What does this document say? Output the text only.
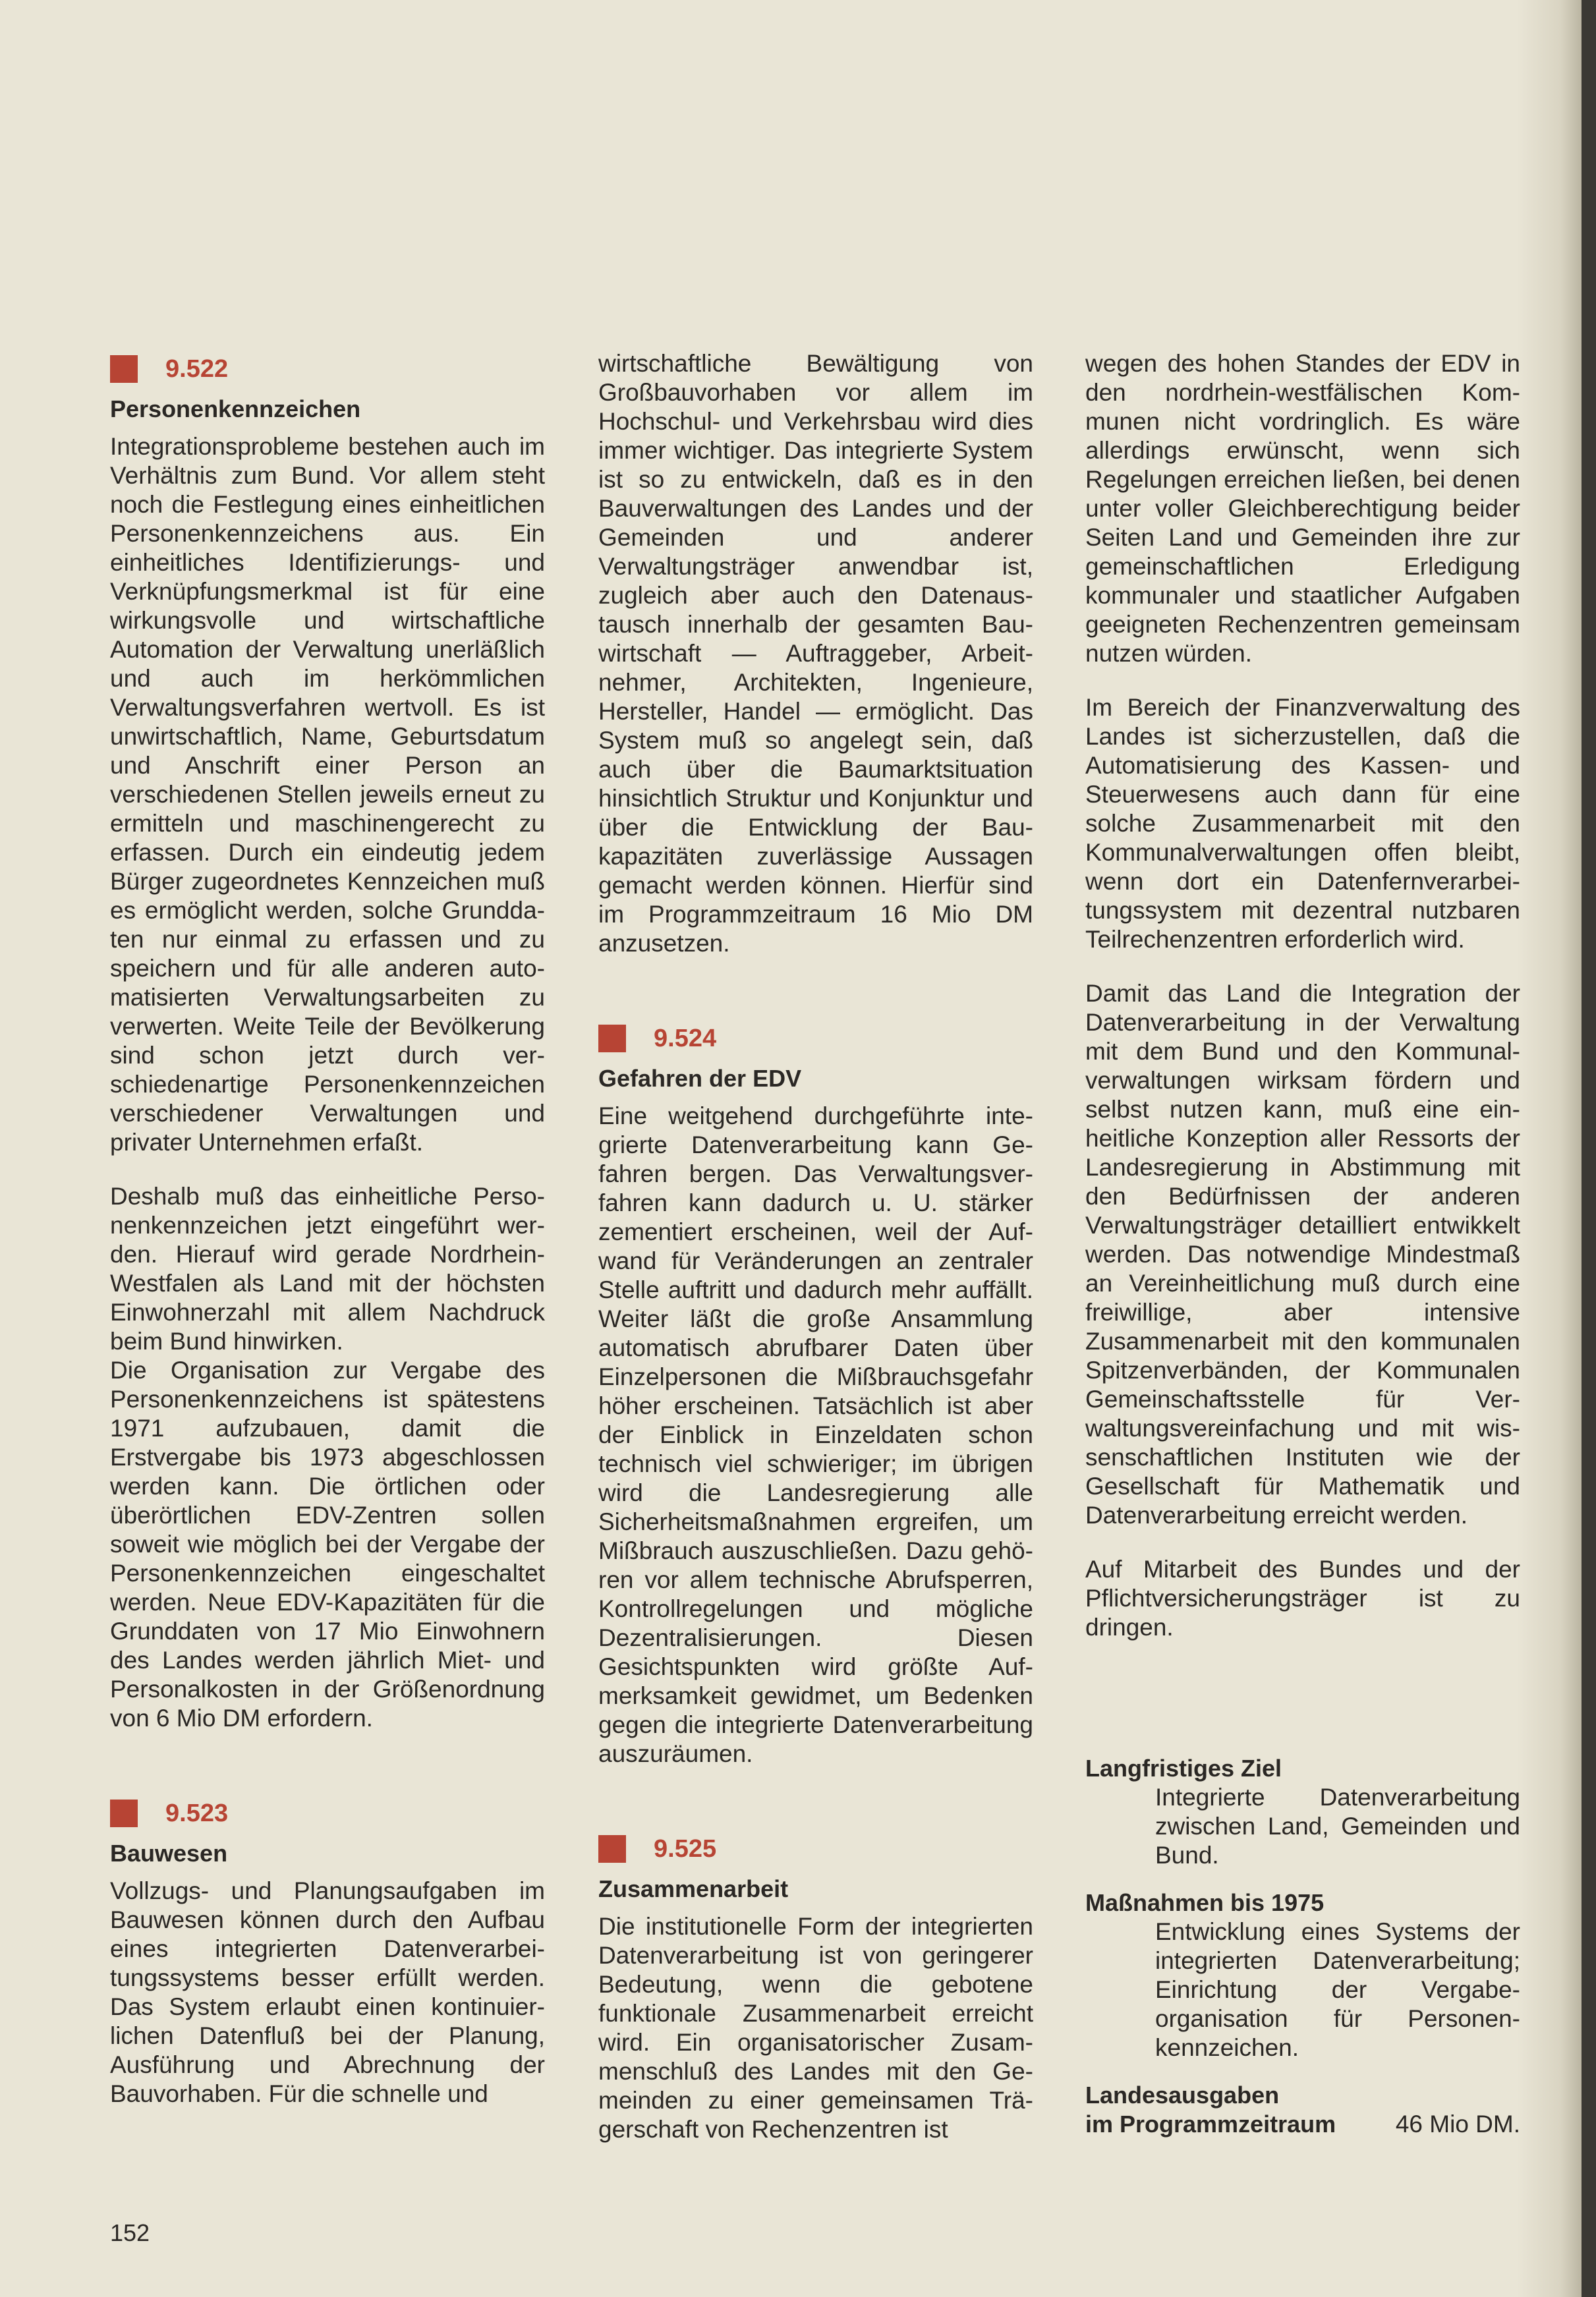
9.522
Personenkennzeichen

Integrationsprobleme bestehen auch im Verhältnis zum Bund. Vor allem steht noch die Festlegung eines einheitlichen Personenkennzeichens aus. Ein einheitliches Identifizierungs- und Verknüpfungsmerkmal ist für eine wirkungsvolle und wirtschaftliche Automation der Verwaltung unerläßlich und auch im herkömmlichen Verwaltungsverfahren wertvoll. Es ist unwirtschaftlich, Name, Geburtsdatum und Anschrift einer Person an verschiedenen Stellen jeweils erneut zu ermitteln und maschinengerecht zu erfassen. Durch ein eindeutig jedem Bürger zugeordnetes Kennzeichen muß es ermöglicht werden, solche Grunddaten nur einmal zu erfassen und zu speichern und für alle anderen automatisierten Verwaltungsarbeiten zu verwerten. Weite Teile der Bevölkerung sind schon jetzt durch verschiedenartige Personenkennzeichen verschiedener Verwaltungen und privater Unternehmen erfaßt.

Deshalb muß das einheitliche Personenkennzeichen jetzt eingeführt werden. Hierauf wird gerade Nordrhein-Westfalen als Land mit der höchsten Einwohnerzahl mit allem Nachdruck beim Bund hinwirken.

Die Organisation zur Vergabe des Personenkennzeichens ist spätestens 1971 aufzubauen, damit die Erstvergabe bis 1973 abgeschlossen werden kann. Die örtlichen oder überörtlichen EDV-Zentren sollen soweit wie möglich bei der Vergabe der Personenkennzeichen eingeschaltet werden. Neue EDV-Kapazitäten für die Grunddaten von 17 Mio Einwohnern des Landes werden jährlich Miet- und Personalkosten in der Größenordnung von 6 Mio DM erfordern.

9.523
Bauwesen

Vollzugs- und Planungsaufgaben im Bauwesen können durch den Aufbau eines integrierten Datenverarbeitungssystems besser erfüllt werden. Das System erlaubt einen kontinuierlichen Datenfluß bei der Planung, Ausführung und Abrechnung der Bauvorhaben. Für die schnelle und

wirtschaftliche Bewältigung von Großbauvorhaben vor allem im Hochschul- und Verkehrsbau wird dies immer wichtiger. Das integrierte System ist so zu entwickeln, daß es in den Bauverwaltungen des Landes und der Gemeinden und anderer Verwaltungsträger anwendbar ist, zugleich aber auch den Datenaustausch innerhalb der gesamten Bauwirtschaft — Auftraggeber, Arbeitnehmer, Architekten, Ingenieure, Hersteller, Handel — ermöglicht. Das System muß so angelegt sein, daß auch über die Baumarktsituation hinsichtlich Struktur und Konjunktur und über die Entwicklung der Baukapazitäten zuverlässige Aussagen gemacht werden können. Hierfür sind im Programmzeitraum 16 Mio DM anzusetzen.

9.524
Gefahren der EDV

Eine weitgehend durchgeführte integrierte Datenverarbeitung kann Gefahren bergen. Das Verwaltungsverfahren kann dadurch u. U. stärker zementiert erscheinen, weil der Aufwand für Veränderungen an zentraler Stelle auftritt und dadurch mehr auffällt. Weiter läßt die große Ansammlung automatisch abrufbarer Daten über Einzelpersonen die Mißbrauchsgefahr höher erscheinen. Tatsächlich ist aber der Einblick in Einzeldaten schon technisch viel schwieriger; im übrigen wird die Landesregierung alle Sicherheitsmaßnahmen ergreifen, um Mißbrauch auszuschließen. Dazu gehören vor allem technische Abrufsperren, Kontrollregelungen und mögliche Dezentralisierungen. Diesen Gesichtspunkten wird größte Aufmerksamkeit gewidmet, um Bedenken gegen die integrierte Datenverarbeitung auszuräumen.

9.525
Zusammenarbeit

Die institutionelle Form der integrierten Datenverarbeitung ist von geringerer Bedeutung, wenn die gebotene funktionale Zusammenarbeit erreicht wird. Ein organisatorischer Zusammenschluß des Landes mit den Gemeinden zu einer gemeinsamen Trägerschaft von Rechenzentren ist

wegen des hohen Standes der EDV in den nordrhein-westfälischen Kommunen nicht vordringlich. Es wäre allerdings erwünscht, wenn sich Regelungen erreichen ließen, bei denen unter voller Gleichberechtigung beider Seiten Land und Gemeinden ihre zur gemeinschaftlichen Erledigung kommunaler und staatlicher Aufgaben geeigneten Rechenzentren gemeinsam nutzen würden.

Im Bereich der Finanzverwaltung des Landes ist sicherzustellen, daß die Automatisierung des Kassen- und Steuerwesens auch dann für eine solche Zusammenarbeit mit den Kommunalverwaltungen offen bleibt, wenn dort ein Datenfernverarbeitungssystem mit dezentral nutzbaren Teilrechenzentren erforderlich wird.

Damit das Land die Integration der Datenverarbeitung in der Verwaltung mit dem Bund und den Kommunalverwaltungen wirksam fördern und selbst nutzen kann, muß eine einheitliche Konzeption aller Ressorts der Landesregierung in Abstimmung mit den Bedürfnissen der anderen Verwaltungsträger detailliert entwikkelt werden. Das notwendige Mindestmaß an Vereinheitlichung muß durch eine freiwillige, aber intensive Zusammenarbeit mit den kommunalen Spitzenverbänden, der Kommunalen Gemeinschaftsstelle für Verwaltungsvereinfachung und mit wissenschaftlichen Instituten wie der Gesellschaft für Mathematik und Datenverarbeitung erreicht werden.

Auf Mitarbeit des Bundes und der Pflichtversicherungsträger ist zu dringen.

Langfristiges Ziel
Integrierte Datenverarbeitung zwischen Land, Gemeinden und Bund.
Maßnahmen bis 1975
Entwicklung eines Systems der integrierten Datenverarbeitung; Einrichtung der Vergabeorganisation für Personenkennzeichen.
Landesausgaben
im Programmzeitraum 46 Mio DM.
152
